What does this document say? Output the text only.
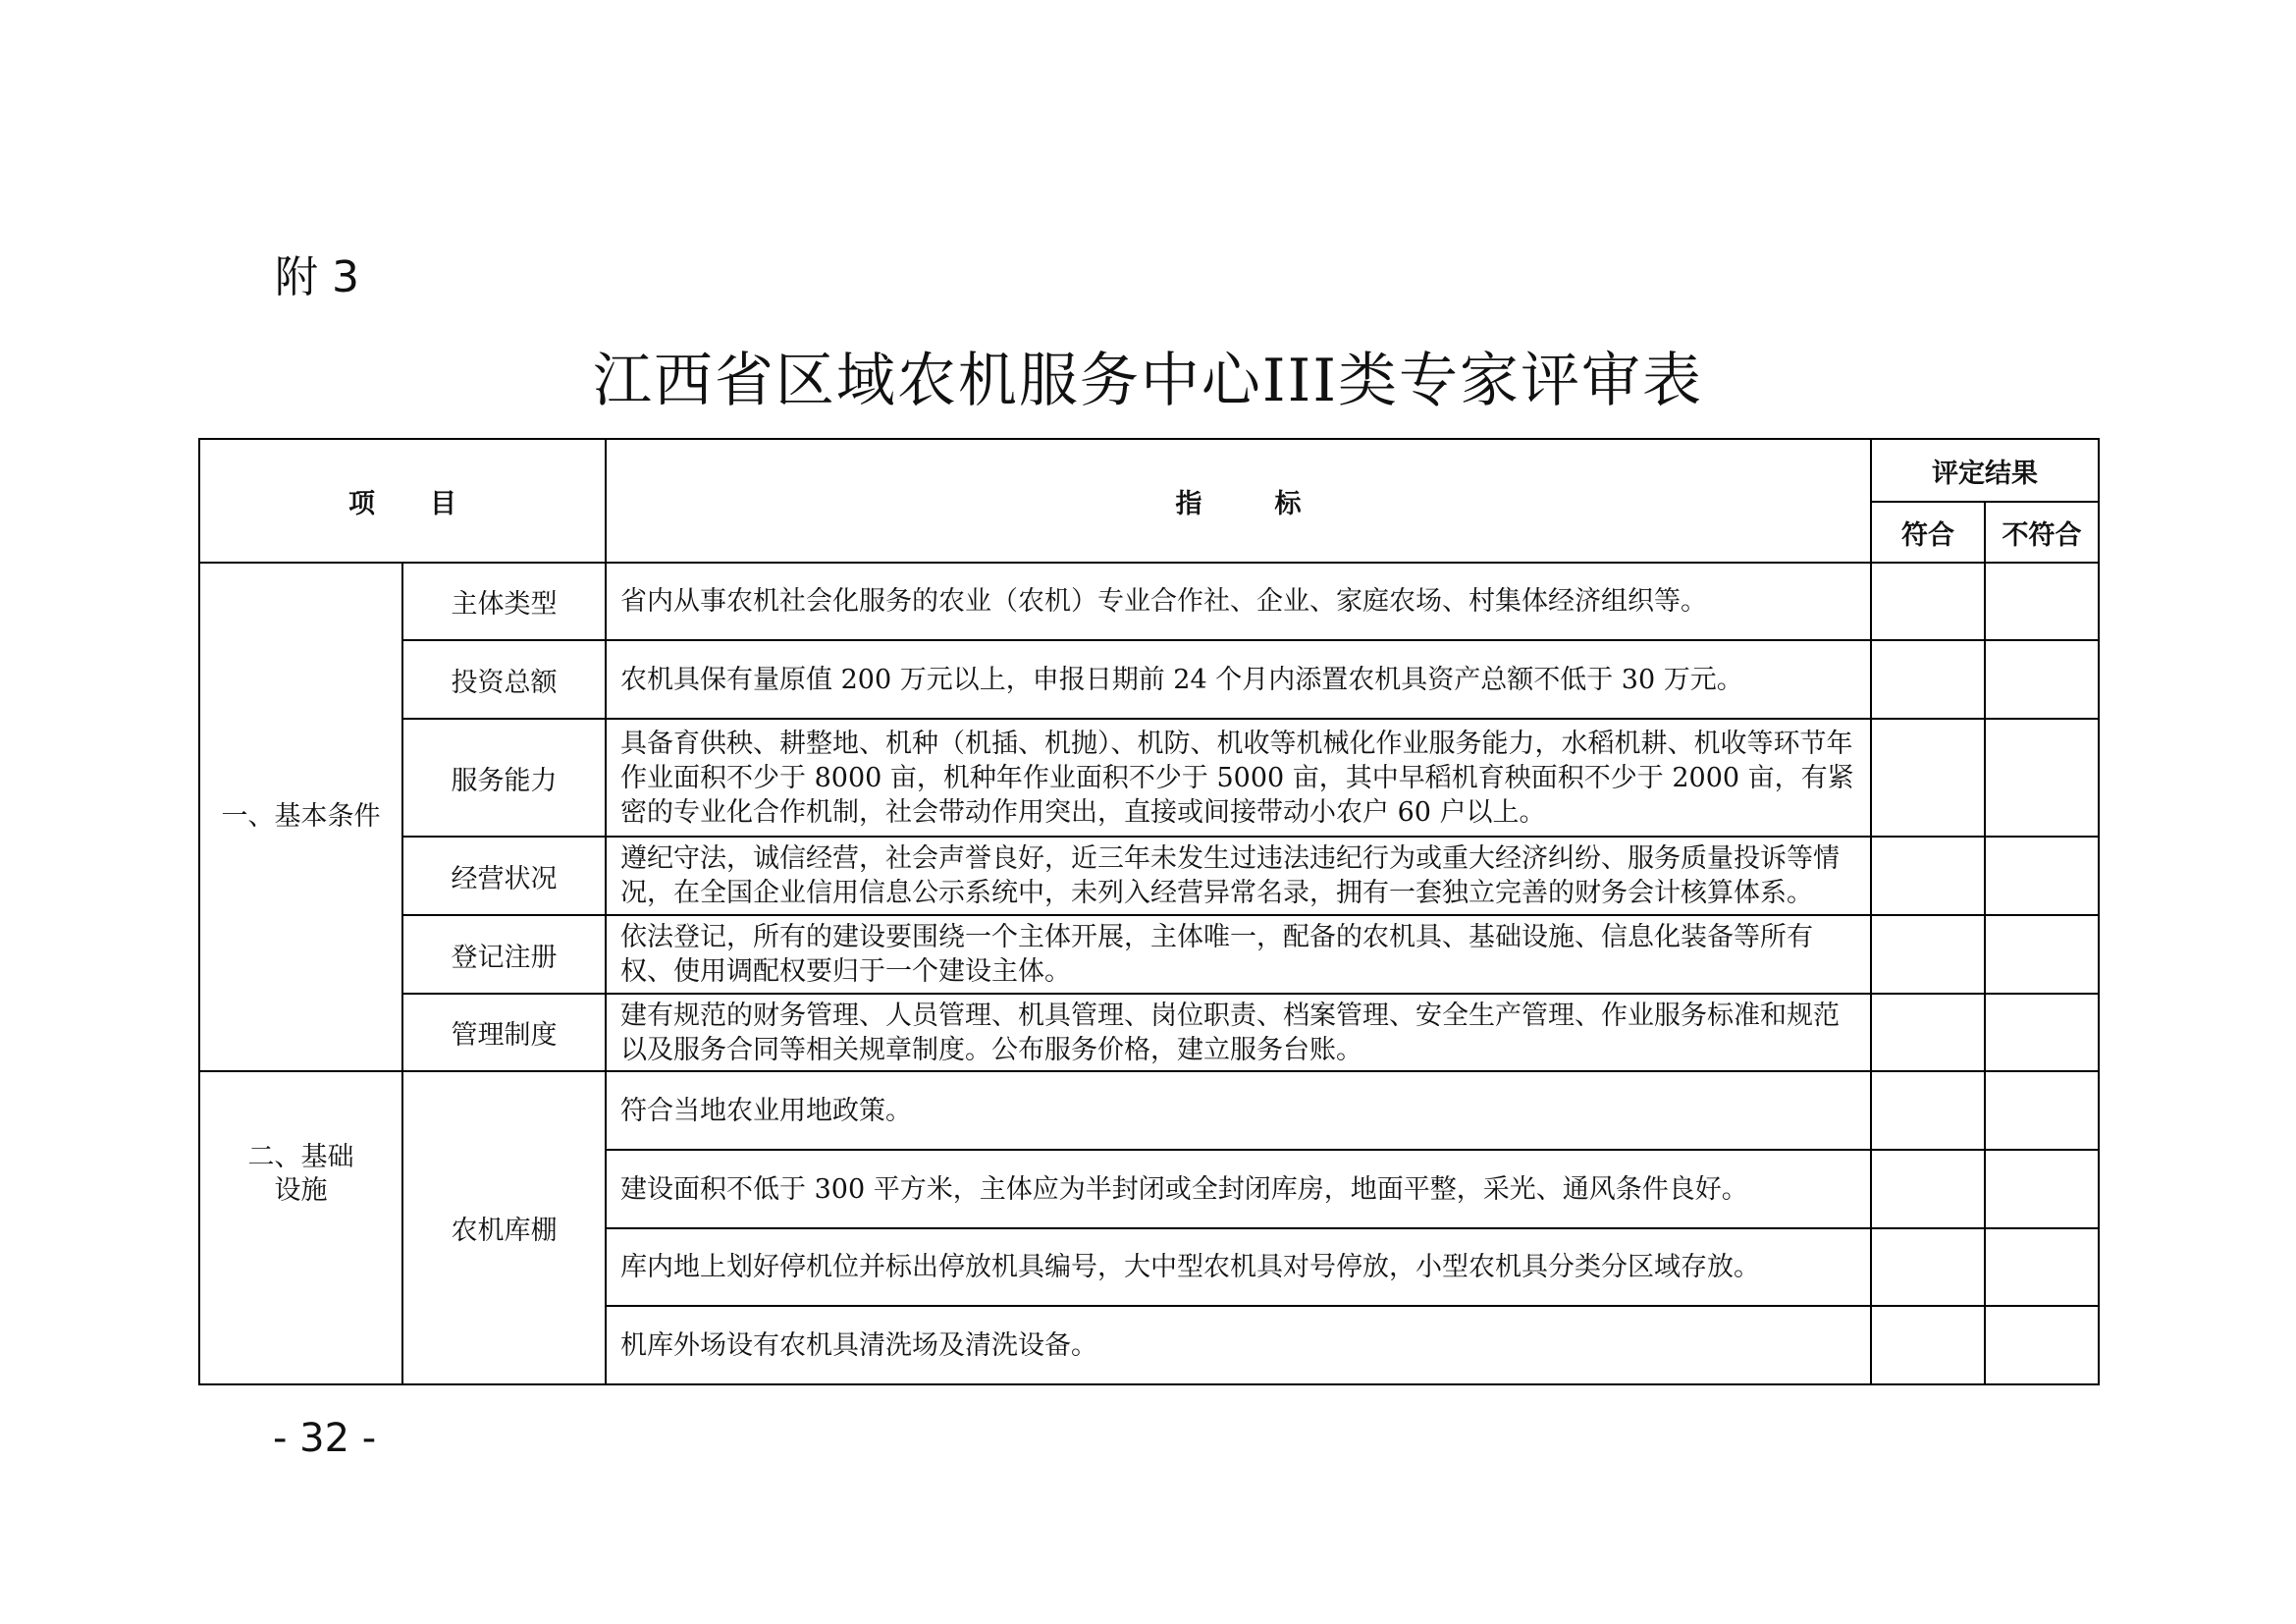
附 3
江西省区域农机服务中心III类专家评审表
项目		指标	评定结果	
			符合	不符合
一、基本条件	主体类型	省内从事农机社会化服务的农业（农机）专业合作社、企业、家庭农场、村集体经济组织等。		
	投资总额	农机具保有量原值 200 万元以上，申报日期前 24 个月内添置农机具资产总额不低于 30 万元。		
	服务能力	具备育供秧、耕整地、机种（机插、机抛）、机防、机收等机械化作业服务能力，水稻机耕、机收等环节年作业面积不少于 8000 亩，机种年作业面积不少于 5000 亩，其中早稻机育秧面积不少于 2000 亩，有紧密的专业化合作机制，社会带动作用突出，直接或间接带动小农户 60 户以上。		
	经营状况	遵纪守法，诚信经营，社会声誉良好，近三年未发生过违法违纪行为或重大经济纠纷、服务质量投诉等情况，在全国企业信用信息公示系统中，未列入经营异常名录，拥有一套独立完善的财务会计核算体系。		
	登记注册	依法登记，所有的建设要围绕一个主体开展，主体唯一，配备的农机具、基础设施、信息化装备等所有权、使用调配权要归于一个建设主体。		
	管理制度	建有规范的财务管理、人员管理、机具管理、岗位职责、档案管理、安全生产管理、作业服务标准和规范以及服务合同等相关规章制度。公布服务价格，建立服务台账。		

二、基础设施	农机库棚	符合当地农业用地政策。		
		建设面积不低于 300 平方米，主体应为半封闭或全封闭库房，地面平整，采光、通风条件良好。		
		库内地上划好停机位并标出停放机具编号，大中型农机具对号停放，小型农机具分类分区域存放。		
		机库外场设有农机具清洗场及清洗设备。		
- 32 -
